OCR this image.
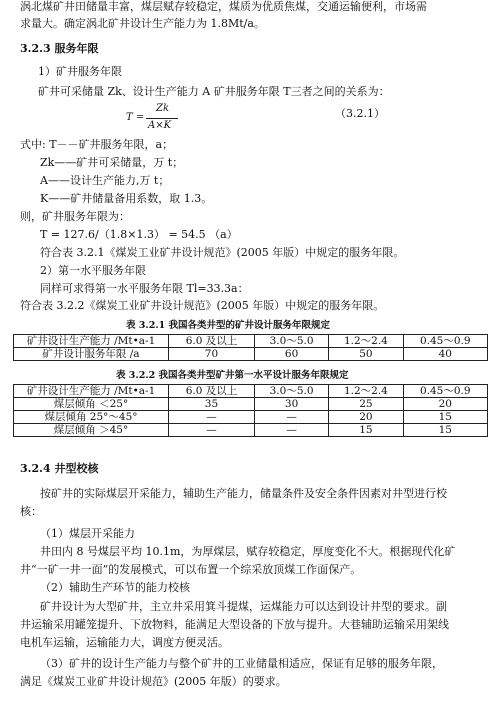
涡北煤矿井田储量丰富，煤层赋存较稳定，煤质为优质焦煤，交通运输便利，市场需
求量大。确定涡北矿井设计生产能力为 1.8Mt/a。
3.2.3 服务年限
1）矿井服务年限
矿井可采储量 Zk、设计生产能力 A 矿井服务年限 T三者之间的关系为：
T =
Zk
A×K
（3.2.1）
式中: T－－矿井服务年限，a；
Zk——矿井可采储量，万 t；
A——设计生产能力,万 t；
K——矿井储量备用系数，取 1.3。
则，矿井服务年限为：
T = 127.6/（1.8×1.3） = 54.5 （a）
符合表 3.2.1《煤炭工业矿井设计规范》(2005 年版）中规定的服务年限。
2）第一水平服务年限
同样可求得第一水平服务年限 Tl=33.3a：
符合表 3.2.2《煤炭工业矿井设计规范》(2005 年版）中规定的服务年限。
表 3.2.1 我国各类井型的矿井设计服务年限规定
矿井设计生产能力 /Mt•a-1	6.0 及以上	3.0～5.0	1.2～2.4	0.45～0.9
矿井设计服务年限 /a	70	60	50	40
表 3.2.2 我国各类井型矿井第一水平设计服务年限规定
矿井设计生产能力 /Mt•a-1	6.0 及以上	3.0～5.0	1.2～2.4	0.45～0.9
煤层倾角 ＜25°	35	30	25	20
煤层倾角 25°～45°	—	—	20	15
煤层倾角 ＞45°	—	—	15	15
3.2.4 井型校核
按矿井的实际煤层开采能力，辅助生产能力，储量条件及安全条件因素对井型进行校
核：
（1）煤层开采能力
井田内 8 号煤层平均 10.1m，为厚煤层，赋存较稳定，厚度变化不大。根据现代化矿
井“一矿一井一面”的发展模式，可以布置一个综采放顶煤工作面保产。
（2）辅助生产环节的能力校核
矿井设计为大型矿井，主立井采用箕斗提煤，运煤能力可以达到设计井型的要求。副
井运输采用罐笼提升、下放物料，能满足大型设备的下放与提升。大巷辅助运输采用架线
电机车运输，运输能力大，调度方便灵活。
（3）矿井的设计生产能力与整个矿井的工业储量相适应，保证有足够的服务年限，
满足《煤炭工业矿井设计规范》(2005 年版）的要求。
